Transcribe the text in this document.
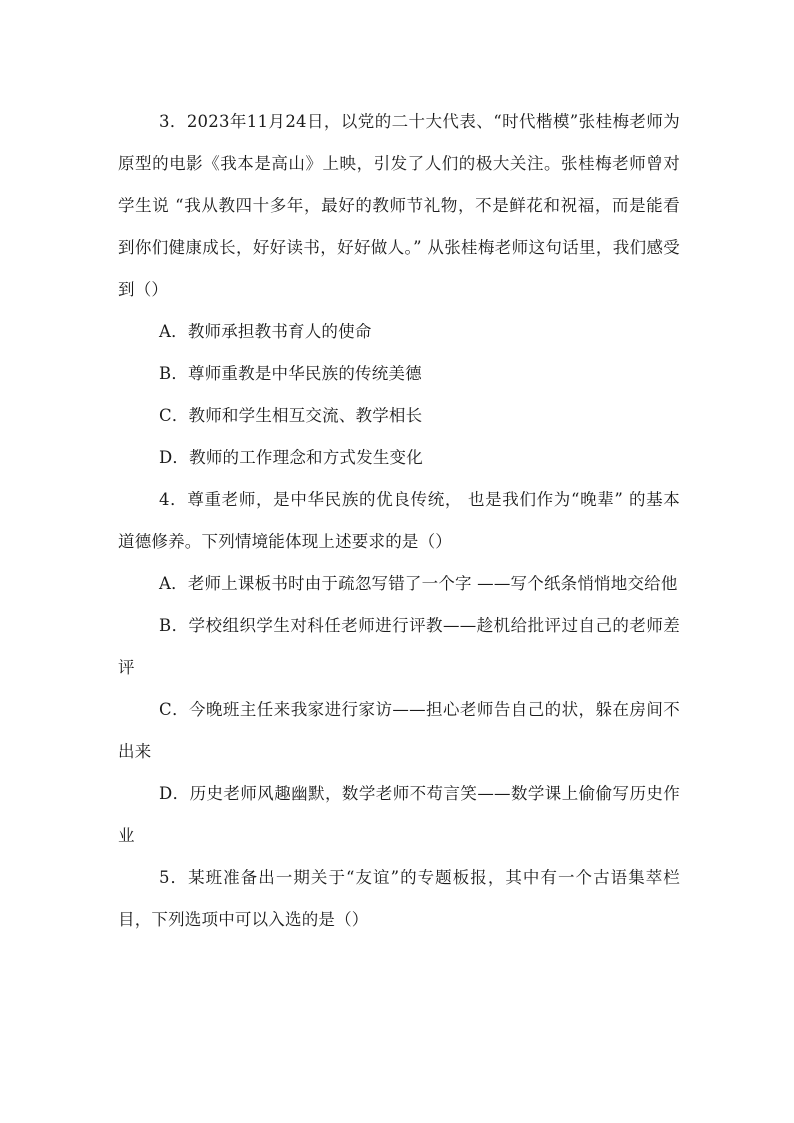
3．2023年11月24日，以党的二十大代表、“时代楷模”张桂梅老师为原型的电影《我本是高山》上映，引发了人们的极大关注。张桂梅老师曾对学生说 “我从教四十多年，最好的教师节礼物，不是鲜花和祝福，而是能看到你们健康成长，好好读书，好好做人。” 从张桂梅老师这句话里，我们感受到（）

A．教师承担教书育人的使命

B．尊师重教是中华民族的传统美德

C．教师和学生相互交流、教学相长

D．教师的工作理念和方式发生变化

4．尊重老师，是中华民族的优良传统， 也是我们作为“晚辈” 的基本道德修养。下列情境能体现上述要求的是（）

A．老师上课板书时由于疏忽写错了一个字 ——写个纸条悄悄地交给他

B．学校组织学生对科任老师进行评教——趁机给批评过自己的老师差评

C．今晚班主任来我家进行家访——担心老师告自己的状，躲在房间不出来

D．历史老师风趣幽默，数学老师不苟言笑——数学课上偷偷写历史作业

5．某班准备出一期关于“友谊”的专题板报，其中有一个古语集萃栏目，下列选项中可以入选的是（）
